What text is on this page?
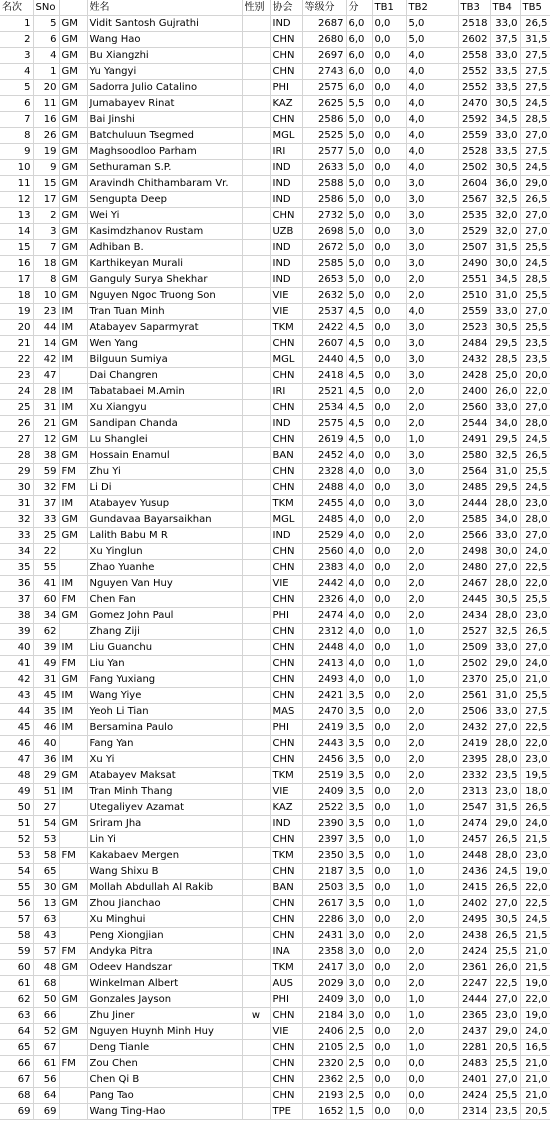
名次	SNo		姓名	性别	协会	等级分	分	TB1	TB2	TB3	TB4	TB5
1	5	GM	Vidit Santosh Gujrathi		IND	2687	6,0	0,0	5,0	2518	33,0	26,5
2	6	GM	Wang Hao		CHN	2680	6,0	0,0	5,0	2602	37,5	31,5
3	4	GM	Bu Xiangzhi		CHN	2697	6,0	0,0	4,0	2558	33,0	27,5
4	1	GM	Yu Yangyi		CHN	2743	6,0	0,0	4,0	2552	33,5	27,5
5	20	GM	Sadorra Julio Catalino		PHI	2575	6,0	0,0	4,0	2552	33,5	27,5
6	11	GM	Jumabayev Rinat		KAZ	2625	5,5	0,0	4,0	2470	30,5	24,5
7	16	GM	Bai Jinshi		CHN	2586	5,0	0,0	4,0	2592	34,5	28,5
8	26	GM	Batchuluun Tsegmed		MGL	2525	5,0	0,0	4,0	2559	33,0	27,0
9	19	GM	Maghsoodloo Parham		IRI	2577	5,0	0,0	4,0	2528	33,5	27,5
10	9	GM	Sethuraman S.P.		IND	2633	5,0	0,0	4,0	2502	30,5	24,5
11	15	GM	Aravindh Chithambaram Vr.		IND	2588	5,0	0,0	3,0	2604	36,0	29,0
12	17	GM	Sengupta Deep		IND	2586	5,0	0,0	3,0	2567	32,5	26,5
13	2	GM	Wei Yi		CHN	2732	5,0	0,0	3,0	2535	32,0	27,0
14	3	GM	Kasimdzhanov Rustam		UZB	2698	5,0	0,0	3,0	2529	32,0	27,0
15	7	GM	Adhiban B.		IND	2672	5,0	0,0	3,0	2507	31,5	25,5
16	18	GM	Karthikeyan Murali		IND	2585	5,0	0,0	3,0	2490	30,0	24,5
17	8	GM	Ganguly Surya Shekhar		IND	2653	5,0	0,0	2,0	2551	34,5	28,5
18	10	GM	Nguyen Ngoc Truong Son		VIE	2632	5,0	0,0	2,0	2510	31,0	25,5
19	23	IM	Tran Tuan Minh		VIE	2537	4,5	0,0	4,0	2559	33,0	27,0
20	44	IM	Atabayev Saparmyrat		TKM	2422	4,5	0,0	3,0	2523	30,5	25,5
21	14	GM	Wen Yang		CHN	2607	4,5	0,0	3,0	2484	29,5	23,5
22	42	IM	Bilguun Sumiya		MGL	2440	4,5	0,0	3,0	2432	28,5	23,5
23	47		Dai Changren		CHN	2418	4,5	0,0	3,0	2428	25,0	20,0
24	28	IM	Tabatabaei M.Amin		IRI	2521	4,5	0,0	2,0	2400	26,0	22,0
25	31	IM	Xu Xiangyu		CHN	2534	4,5	0,0	2,0	2560	33,0	27,0
26	21	GM	Sandipan Chanda		IND	2575	4,5	0,0	2,0	2544	34,0	28,0
27	12	GM	Lu Shanglei		CHN	2619	4,5	0,0	1,0	2491	29,5	24,5
28	38	GM	Hossain Enamul		BAN	2452	4,0	0,0	3,0	2580	32,5	26,5
29	59	FM	Zhu Yi		CHN	2328	4,0	0,0	3,0	2564	31,0	25,5
30	32	FM	Li Di		CHN	2488	4,0	0,0	3,0	2485	29,5	24,5
31	37	IM	Atabayev Yusup		TKM	2455	4,0	0,0	3,0	2444	28,0	23,0
32	33	GM	Gundavaa Bayarsaikhan		MGL	2485	4,0	0,0	2,0	2585	34,0	28,0
33	25	GM	Lalith Babu M R		IND	2529	4,0	0,0	2,0	2566	33,0	27,0
34	22		Xu Yinglun		CHN	2560	4,0	0,0	2,0	2498	30,0	24,0
35	55		Zhao Yuanhe		CHN	2383	4,0	0,0	2,0	2480	27,0	22,5
36	41	IM	Nguyen Van Huy		VIE	2442	4,0	0,0	2,0	2467	28,0	22,0
37	60	FM	Chen Fan		CHN	2326	4,0	0,0	2,0	2445	30,5	25,5
38	34	GM	Gomez John Paul		PHI	2474	4,0	0,0	2,0	2434	28,0	23,0
39	62		Zhang Ziji		CHN	2312	4,0	0,0	1,0	2527	32,5	26,5
40	39	IM	Liu Guanchu		CHN	2448	4,0	0,0	1,0	2509	33,0	27,0
41	49	FM	Liu Yan		CHN	2413	4,0	0,0	1,0	2502	29,0	24,0
42	31	GM	Fang Yuxiang		CHN	2493	4,0	0,0	1,0	2370	25,0	21,0
43	45	IM	Wang Yiye		CHN	2421	3,5	0,0	2,0	2561	31,0	25,5
44	35	IM	Yeoh Li Tian		MAS	2470	3,5	0,0	2,0	2506	33,0	27,5
45	46	IM	Bersamina Paulo		PHI	2419	3,5	0,0	2,0	2432	27,0	22,5
46	40		Fang Yan		CHN	2443	3,5	0,0	2,0	2419	28,0	22,0
47	36	IM	Xu Yi		CHN	2456	3,5	0,0	2,0	2395	28,0	23,0
48	29	GM	Atabayev Maksat		TKM	2519	3,5	0,0	2,0	2332	23,5	19,5
49	51	IM	Tran Minh Thang		VIE	2409	3,5	0,0	2,0	2313	23,0	18,0
50	27		Utegaliyev Azamat		KAZ	2522	3,5	0,0	1,0	2547	31,5	26,5
51	54	GM	Sriram Jha		IND	2390	3,5	0,0	1,0	2474	29,0	24,0
52	53		Lin Yi		CHN	2397	3,5	0,0	1,0	2457	26,5	21,5
53	58	FM	Kakabaev Mergen		TKM	2350	3,5	0,0	1,0	2448	28,0	23,0
54	65		Wang Shixu B		CHN	2187	3,5	0,0	1,0	2436	24,5	19,0
55	30	GM	Mollah Abdullah Al Rakib		BAN	2503	3,5	0,0	1,0	2415	26,5	22,0
56	13	GM	Zhou Jianchao		CHN	2617	3,5	0,0	1,0	2402	27,0	22,5
57	63		Xu Minghui		CHN	2286	3,0	0,0	2,0	2495	30,5	24,5
58	43		Peng Xiongjian		CHN	2431	3,0	0,0	2,0	2438	26,5	21,5
59	57	FM	Andyka Pitra		INA	2358	3,0	0,0	2,0	2424	25,5	21,0
60	48	GM	Odeev Handszar		TKM	2417	3,0	0,0	2,0	2361	26,0	21,5
61	68		Winkelman Albert		AUS	2029	3,0	0,0	2,0	2247	22,5	19,0
62	50	GM	Gonzales Jayson		PHI	2409	3,0	0,0	1,0	2444	27,0	22,0
63	66		Zhu Jiner	w	CHN	2184	3,0	0,0	1,0	2365	23,0	19,0
64	52	GM	Nguyen Huynh Minh Huy		VIE	2406	2,5	0,0	2,0	2437	29,0	24,0
65	67		Deng Tianle		CHN	2105	2,5	0,0	1,0	2281	20,5	16,5
66	61	FM	Zou Chen		CHN	2320	2,5	0,0	0,0	2483	25,5	21,0
67	56		Chen Qi B		CHN	2362	2,5	0,0	0,0	2401	27,0	21,0
68	64		Pang Tao		CHN	2193	2,5	0,0	0,0	2424	25,5	21,0
69	69		Wang Ting-Hao		TPE	1652	1,5	0,0	0,0	2314	23,5	20,5
